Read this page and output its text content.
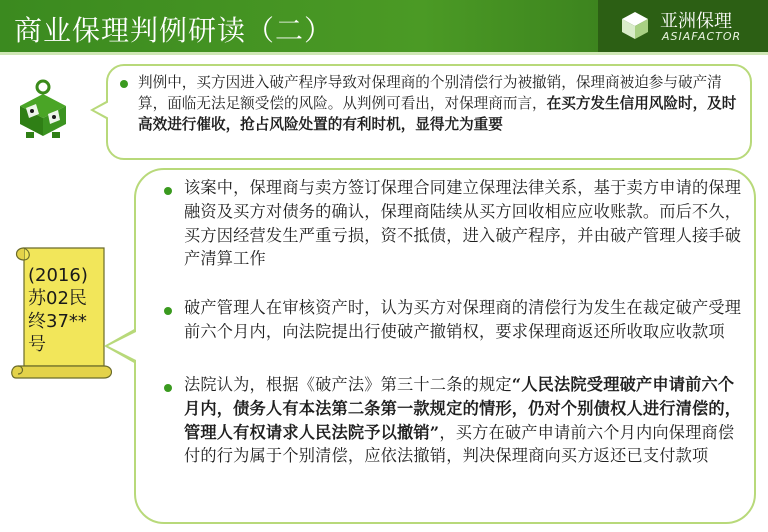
商业保理判例研读（二）	亚洲保理
ASIAFACTOR
判例中，买方因进入破产程序导致对保理商的个别清偿行为被撤销，保理商被迫参与破产清算，面临无法足额受偿的风险。从判例可看出，对保理商而言，在买方发生信用风险时，及时高效进行催收，抢占风险处置的有利时机，显得尤为重要
(2016)
苏02民
终37**
号
该案中，保理商与卖方签订保理合同建立保理法律关系，基于卖方申请的保理融资及买方对债务的确认，保理商陆续从买方回收相应应收账款。而后不久，买方因经营发生严重亏损，资不抵债，进入破产程序，并由破产管理人接手破产清算工作
破产管理人在审核资产时，认为买方对保理商的清偿行为发生在裁定破产受理前六个月内，向法院提出行使破产撤销权，要求保理商返还所收取应收款项
法院认为，根据《破产法》第三十二条的规定“人民法院受理破产申请前六个月内，债务人有本法第二条第一款规定的情形，仍对个别债权人进行清偿的，管理人有权请求人民法院予以撤销”，买方在破产申请前六个月内向保理商偿付的行为属于个别清偿，应依法撤销，判决保理商向买方返还已支付款项
